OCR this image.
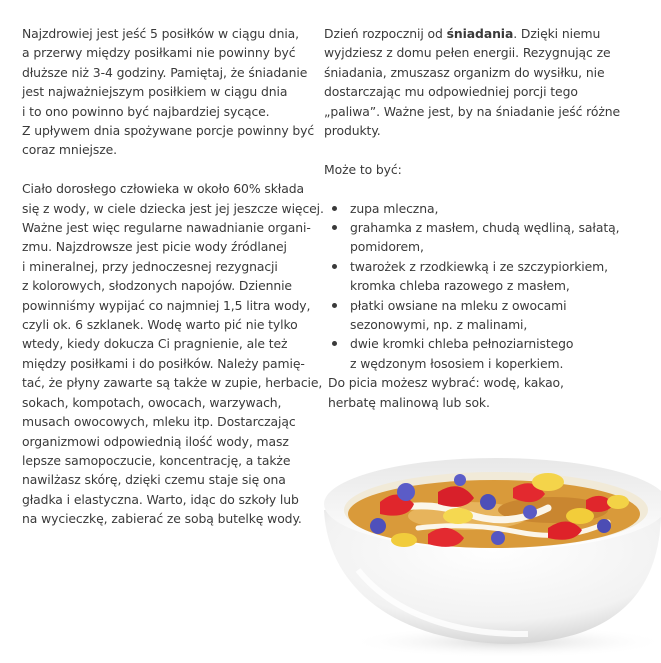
Najzdrowiej jest jeść 5 posiłków w ciągu dnia,
a przerwy między posiłkami nie powinny być
dłuższe niż 3-4 godziny. Pamiętaj, że śniadanie
jest najważniejszym posiłkiem w ciągu dnia
i to ono powinno być najbardziej sycące.
Z upływem dnia spożywane porcje powinny być
coraz mniejsze.
Ciało dorosłego człowieka w około 60% składa
się z wody, w ciele dziecka jest jej jeszcze więcej.
Ważne jest więc regularne nawadnianie organi-
zmu. Najzdrowsze jest picie wody źródlanej
i mineralnej, przy jednoczesnej rezygnacji
z kolorowych, słodzonych napojów. Dziennie
powinniśmy wypijać co najmniej 1,5 litra wody,
czyli ok. 6 szklanek. Wodę warto pić nie tylko
wtedy, kiedy dokucza Ci pragnienie, ale też
między posiłkami i do posiłków. Należy pamię-
tać, że płyny zawarte są także w zupie, herbacie,
sokach, kompotach, owocach, warzywach,
musach owocowych, mleku itp. Dostarczając
organizmowi odpowiednią ilość wody, masz
lepsze samopoczucie, koncentrację, a także
nawilżasz skórę, dzięki czemu staje się ona
gładka i elastyczna. Warto, idąc do szkoły lub
na wycieczkę, zabierać ze sobą butelkę wody.
Dzień rozpocznij od śniadania. Dzięki niemu
wyjdziesz z domu pełen energii. Rezygnując ze
śniadania, zmuszasz organizm do wysiłku, nie
dostarczając mu odpowiedniej porcji tego
„paliwa”. Ważne jest, by na śniadanie jeść różne
produkty.
Może to być:
zupa mleczna,
grahamka z masłem, chudą wędliną, sałatą,
pomidorem,
twarożek z rzodkiewką i ze szczypiorkiem,
kromka chleba razowego z masłem,
płatki owsiane na mleku z owocami
sezonowymi, np. z malinami,
dwie kromki chleba pełnoziarnistego
z wędzonym łososiem i koperkiem.
Do picia możesz wybrać: wodę, kakao,
herbatę malinową lub sok.
